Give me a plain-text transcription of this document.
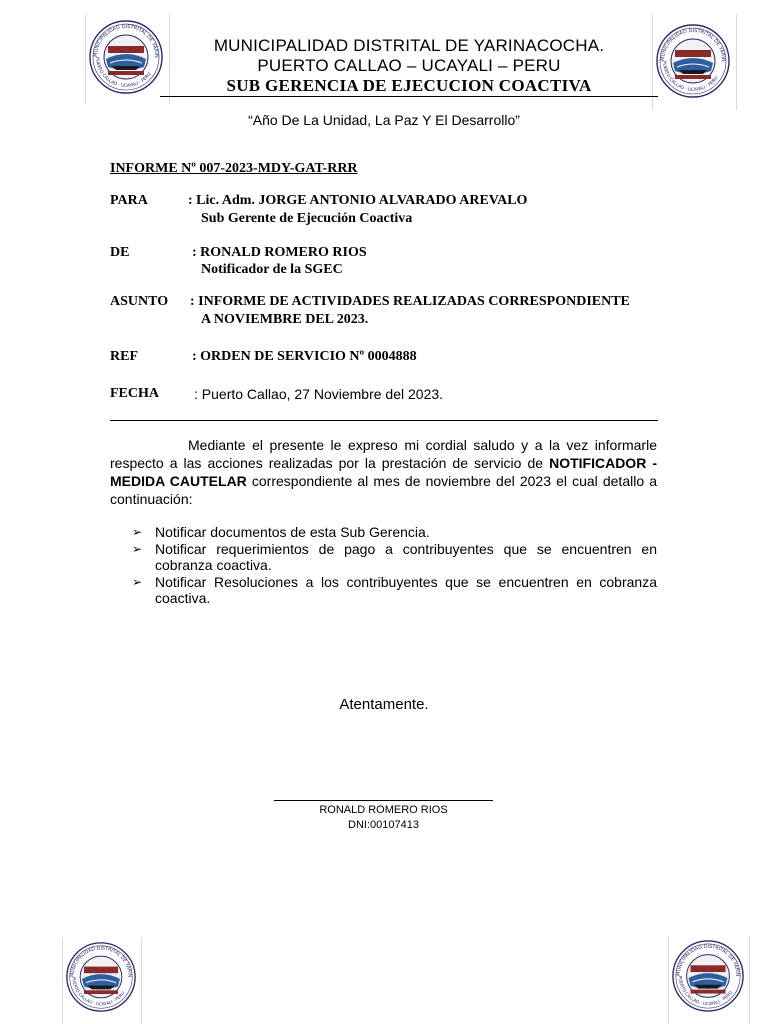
MUNICIPALIDAD DISTRITAL DE YARIN
PUERTO CALLAO · UCAYALI · PERU
MUNICIPALIDAD DISTRITAL DE YARIN
PUERTO CALLAO · UCAYALI · PERU
MUNICIPALIDAD DISTRITAL DE YARINACOCHA.
PUERTO CALLAO – UCAYALI – PERU
SUB GERENCIA DE EJECUCION COACTIVA
“Año De La Unidad, La Paz Y El Desarrollo”
INFORME Nº 007-2023-MDY-GAT-RRR
PARA	: Lic. Adm. JORGE ANTONIO ALVARADO AREVALO
Sub Gerente de Ejecución Coactiva
DE	: RONALD ROMERO RIOS
Notificador de la SGEC
ASUNTO : INFORME DE ACTIVIDADES REALIZADAS CORRESPONDIENTE
A NOVIEMBRE DEL 2023.
REF	: ORDEN DE SERVICIO Nº 0004888
FECHA	: Puerto Callao, 27 Noviembre del 2023.
Mediante el presente le expreso mi cordial saludo y a la vez informarle respecto a las acciones realizadas por la prestación de servicio de NOTIFICADOR - MEDIDA CAUTELAR correspondiente al mes de noviembre del 2023 el cual detallo a continuación:
➢ Notificar documentos de esta Sub Gerencia.
➢ Notificar requerimientos de pago a contribuyentes que se encuentren en cobranza coactiva.
➢ Notificar Resoluciones a los contribuyentes que se encuentren en cobranza coactiva.
Atentamente.
RONALD ROMERO RIOS
DNI:00107413
MUNICIPALIDAD DISTRITAL DE YARIN
PUERTO CALLAO · UCAYALI · PERU
MUNICIPALIDAD DISTRITAL DE YARIN
PUERTO CALLAO · UCAYALI · PERU
